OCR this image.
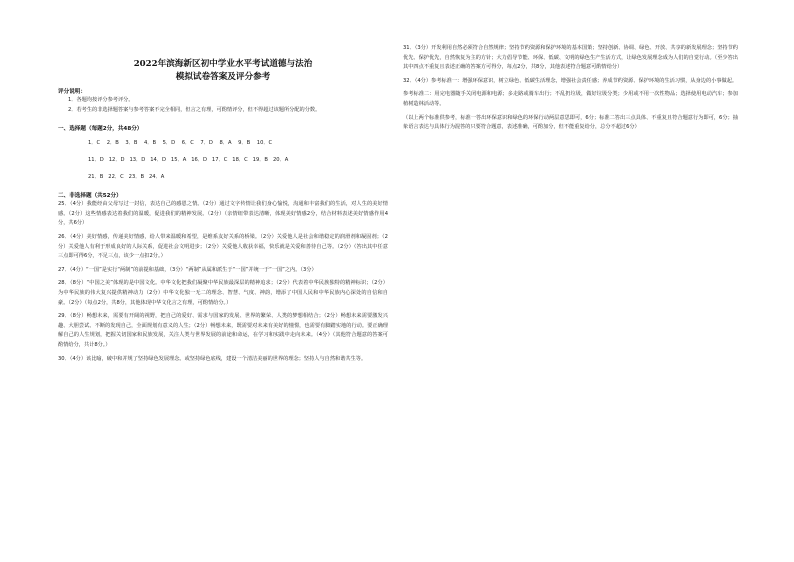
2022年滨海新区初中学业水平考试道德与法治

模拟试卷答案及评分参考

评分说明：

1．各题均按评分参考评分。

2．若考生的非选择题答案与参考答案不完全相同，但言之有理，可酌情评分，但不得超过该题所分配的分数。

一、选择题（每题2分，共48分）

1．C    2．B    3．B    4．B    5．D    6．C    7．D    8．A    9．B    10．C

11．D   12．D   13．D   14．D   15．A   16．D   17．C   18．C   19．B   20．A

21．B   22．C   23．B   24．A

二、非选择题（共52分）

25．（4分）我能经由父母写过一封信，表达自己的感恩之情。（2分）通过文字传情让我们身心愉悦，沟通和丰富我们的生活，对人生的美好情感。（2分）这些情感表达着我们的温暖，促进我们的精神发展。（2分）（亲情纽带表达清晰，体现美好情感2分，结合材料表述美好情感作用4分，共6分）

26．（4分）美好情感，传递美好情感，给人带来温暖和希望，是维系友好关系的桥梁。（2分）关爱他人是社会和谐稳定的润滑剂和凝固剂；（2分）关爱他人有利于形成良好的人际关系，促进社会文明进步；（2分）关爱他人收获幸福，快乐就是关爱和善待自己等。（2分）（答出其中任意三点即可得6分，不足三点，该少一点扣2分。）

27．（4分）“一国”是实行“两制”的前提和基础，（3分）“两制”从属和派生于“一国”并统一于“一国”之内。（3分）

28．（8分）“中国之美”体现的是中国文化。中华文化把我们凝聚中华民族最深层的精神追求；（2分）代表着中华民族独特的精神标识；（2分）为中华民族的伟大复兴提供精神动力（2分）中华文化独一无二的理念、智慧、气度、神韵，增添了中国人民和中华民族内心深处的自信和自豪。（2分）（每点2分，共8分，其他体现中华文化言之有理，可酌情给分。）

29．（8分）畅想未来，需要有开阔的视野，把自己的爱好、需求与国家的发展、世界的繁荣、人类的梦想相结合；（2分）畅想未来需要激发兴趣、大胆尝试、不断的发现自己，全面规划有意义的人生；（2分）畅想未来，既需要对未来有美好的憧憬，也需要有脚踏实地的行动。要正确理解自己的人生规划，把握关切国家和民族发展，关注人类与世界发展的前途和命运，在学习和实践中走向未来。（4分）（其他符合题意的答案可酌情给分，共计8分。）

30．（4分）该比喻，破中和并规了坚持绿色发展理念。或坚持绿色底线，建设一个清洁美丽的世界的理念；坚持人与自然和谐共生等。

31．（3分）开发利用自然必须符合自然规律；坚持节约资源和保护环境的基本国策；坚持创新、协调、绿色、开放、共享的新发展理念；坚持节约优先、保护优先，自然恢复为主的方针；大力倡导节能、环保、低碳、文明的绿色生产生活方式，让绿色发展理念成为人们的自觉行动。（至少答出其中四点不重复且表述正确的答案方可得分，每点2分，共8分，其他表述符合题意可酌情给分）

32．（4分）参考标准一：增强环保意识，树立绿色、低碳生活理念，增强社会责任感；养成节约资源、保护环境的生活习惯，从身边的小事做起。

参考标准二：用完电器随手关闭电源和电源；多走路或骑车出行；不乱扔垃圾，做好垃圾分类；少用或不用一次性物品；选择使用电动汽车；参加植树造林活动等。

（以上两个标准供参考，标准一答出环保意识和绿色的环保行动两层意思即可，6分；标准二答出三点具体、不重复且符合题意行为即可，6分；抽象语言表达与具体行为混答的只要符合题意，表述准确，可酌加分，但不能重复给分，总分不超过6分）
